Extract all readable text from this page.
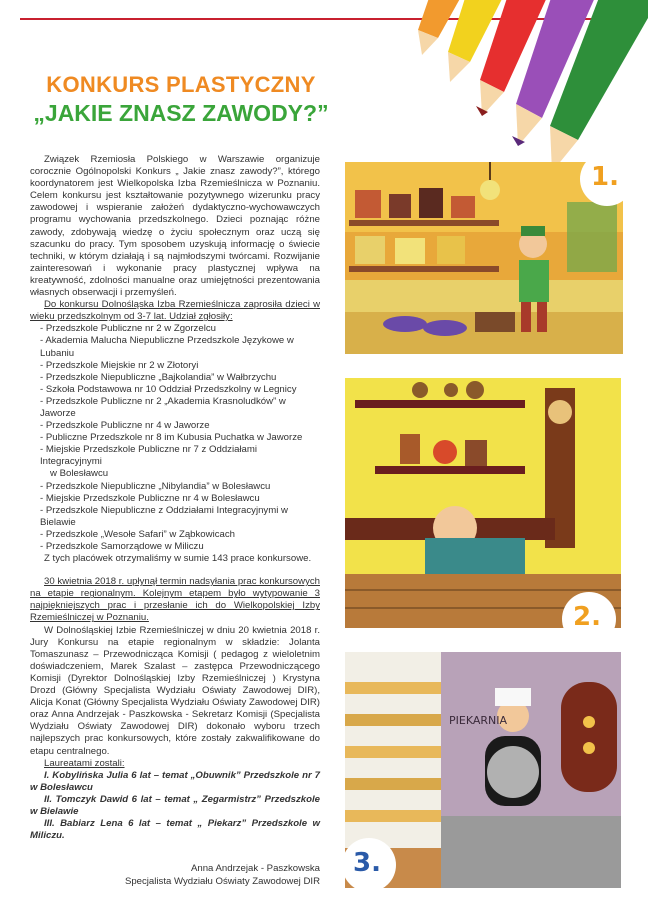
KONKURS PLASTYCZNY
„JAKIE ZNASZ ZAWODY?”

Związek Rzemiosła Polskiego w Warszawie organizuje corocznie Ogólnopolski Konkurs „ Jakie znasz zawody?”, którego koordynatorem jest Wielkopolska Izba Rzemieślnicza w Poznaniu. Celem konkursu jest kształtowanie pozytywnego wizerunku pracy zawodowej i wspieranie założeń dydaktyczno-wychowawczych programu wychowania przedszkolnego. Dzieci poznając różne zawody, zdobywają wiedzę o życiu społecznym oraz uczą się szacunku do pracy. Tym sposobem uzyskują informację o świecie techniki, w którym działają i są najmłodszymi twórcami. Rozwijanie zainteresowań i wykonanie pracy plastycznej wpływa na kreatywność, zdolności manualne oraz umiejętności prezentowania własnych obserwacji i przemyśleń.

Do konkursu Dolnośląska Izba Rzemieślnicza zaprosiła dzieci w wieku przedszkolnym od 3-7 lat. Udział zgłosiły:

- Przedszkole Publiczne nr 2 w Zgorzelcu
- Akademia Malucha Niepubliczne Przedszkole Językowe w Lubaniu
- Przedszkole Miejskie nr 2 w Złotoryi
- Przedszkole Niepubliczne „Bajkolandia” w Wałbrzychu
- Szkoła Podstawowa nr 10 Oddział Przedszkolny w Legnicy
- Przedszkole Publiczne nr 2 „Akademia Krasnoludków” w Jaworze
- Przedszkole Publiczne nr 4 w Jaworze
- Publiczne Przedszkole nr 8 im Kubusia Puchatka w Jaworze
- Miejskie Przedszkole Publiczne nr 7 z Oddziałami Integracyjnymi
w Bolesławcu
- Przedszkole Niepubliczne „Nibylandia” w Bolesławcu
- Miejskie Przedszkole Publiczne nr 4 w Bolesławcu
- Przedszkole Niepubliczne z Oddziałami Integracyjnymi w Bielawie
- Przedszkole „Wesołe Safari” w Ząbkowicach
- Przedszkole Samorządowe w Miliczu

Z tych placówek otrzymaliśmy w sumie 143 prace konkursowe.

30 kwietnia 2018 r. upłynął termin nadsyłania prac konkursowych na etapie regionalnym. Kolejnym etapem było wytypowanie 3 najpiękniejszych prac i przesłanie ich do Wielkopolskiej Izby Rzemieślniczej w Poznaniu.

W Dolnośląskiej Izbie Rzemieślniczej w dniu 20 kwietnia 2018 r. Jury Konkursu na etapie regionalnym w składzie: Jolanta Tomaszunasz – Przewodnicząca Komisji ( pedagog z wieloletnim doświadczeniem, Marek Szalast – zastępca Przewodniczącego Komisji (Dyrektor Dolnośląskiej Izby Rzemieślniczej ) Krystyna Drozd (Główny Specjalista Wydziału Oświaty Zawodowej DIR), Alicja Konat (Główny Specjalista Wydziału Oświaty Zawodowej DIR) oraz Anna Andrzejak - Paszkowska - Sekretarz Komisji (Specjalista Wydziału Oświaty Zawodowej DIR) dokonało wyboru trzech najlepszych prac konkursowych, które zostały zakwalifikowane do etapu centralnego.

Laureatami zostali:

I. Kobylińska Julia 6 lat – temat „Obuwnik” Przedszkole nr 7 w Bolesławcu

II. Tomczyk Dawid 6 lat – temat „ Zegarmistrz” Przedszkole w Bielawie

III. Babiarz Lena 6 lat – temat „ Piekarz” Przedszkole w Miliczu.

Anna Andrzejak - Paszkowska
Specjalista Wydziału Oświaty Zawodowej DIR
1.
2.
PIEKARNIA
3.
